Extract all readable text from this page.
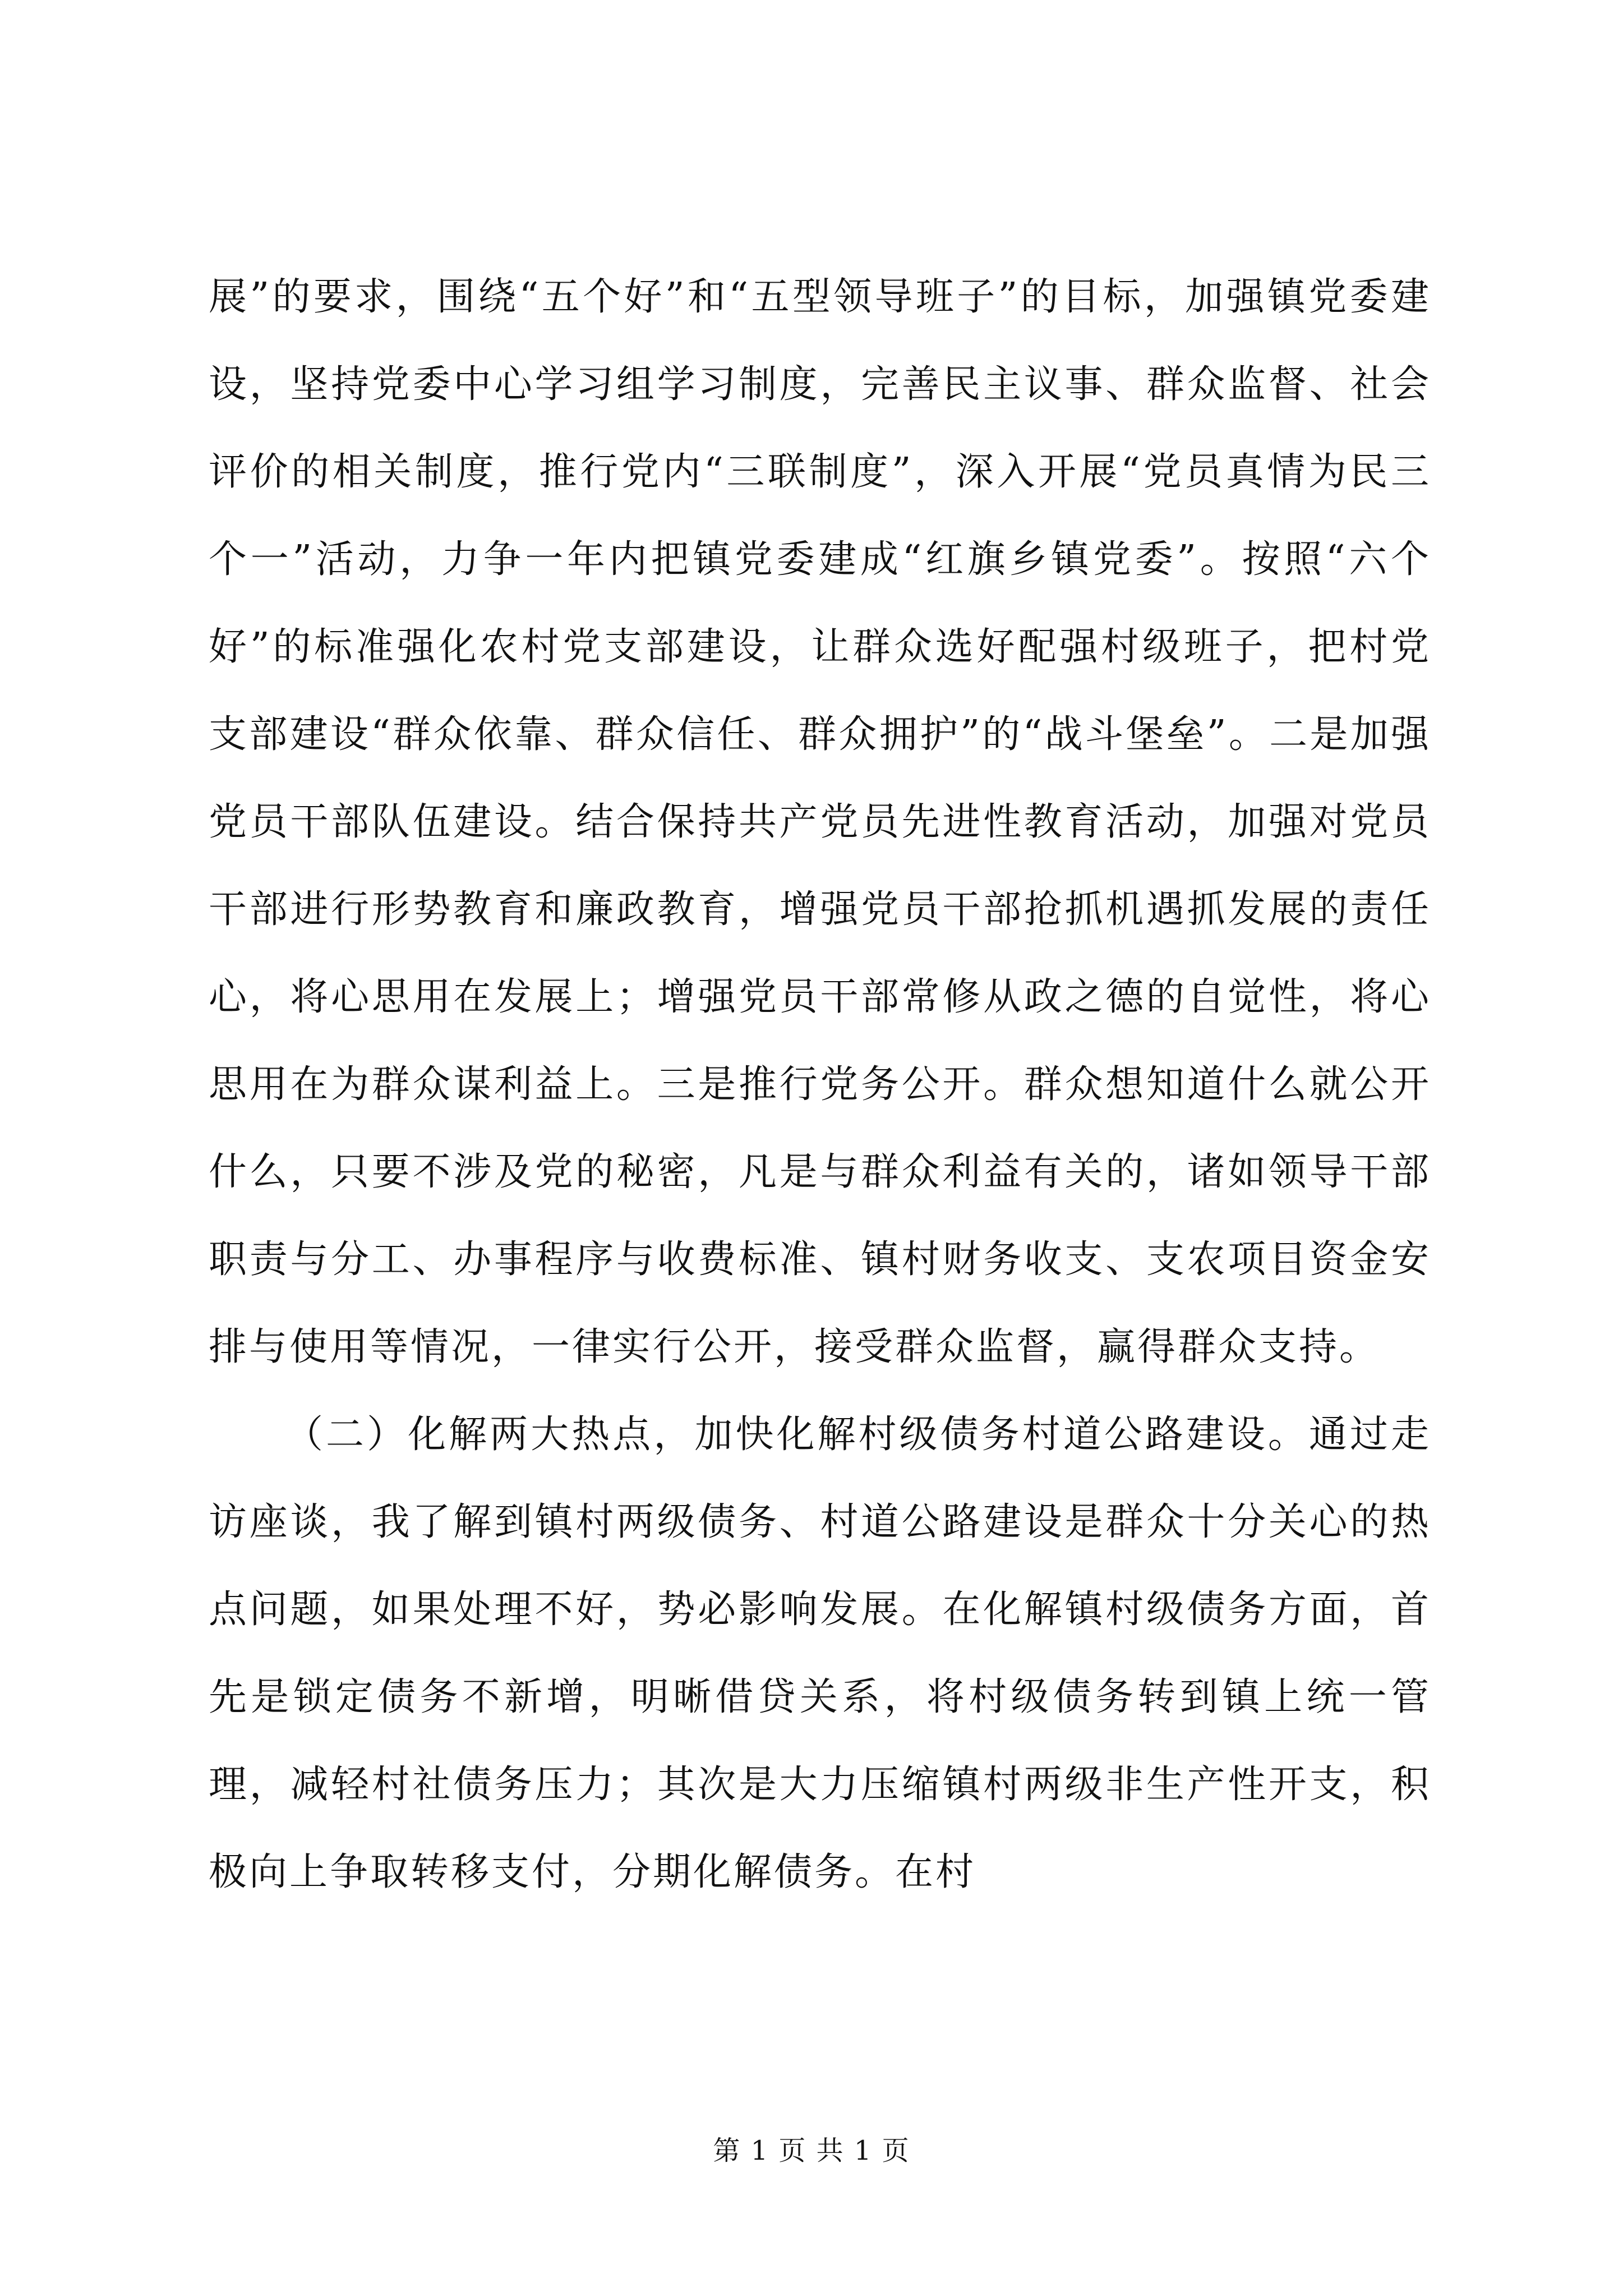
展”的要求，围绕“五个好”和“五型领导班子”的目标，加强镇党委建设，坚持党委中心学习组学习制度，完善民主议事、群众监督、社会评价的相关制度，推行党内“三联制度”，深入开展“党员真情为民三个一”活动，力争一年内把镇党委建成“红旗乡镇党委”。按照“六个好”的标准强化农村党支部建设，让群众选好配强村级班子，把村党支部建设“群众依靠、群众信任、群众拥护”的“战斗堡垒”。二是加强党员干部队伍建设。结合保持共产党员先进性教育活动，加强对党员干部进行形势教育和廉政教育，增强党员干部抢抓机遇抓发展的责任心，将心思用在发展上；增强党员干部常修从政之德的自觉性，将心思用在为群众谋利益上。三是推行党务公开。群众想知道什么就公开什么，只要不涉及党的秘密，凡是与群众利益有关的，诸如领导干部职责与分工、办事程序与收费标准、镇村财务收支、支农项目资金安排与使用等情况，一律实行公开，接受群众监督，赢得群众支持。

（二）化解两大热点，加快化解村级债务村道公路建设。通过走访座谈，我了解到镇村两级债务、村道公路建设是群众十分关心的热点问题，如果处理不好，势必影响发展。在化解镇村级债务方面，首先是锁定债务不新增，明晰借贷关系，将村级债务转到镇上统一管理，减轻村社债务压力；其次是大力压缩镇村两级非生产性开支，积极向上争取转移支付，分期化解债务。在村

第 1 页 共 1 页
